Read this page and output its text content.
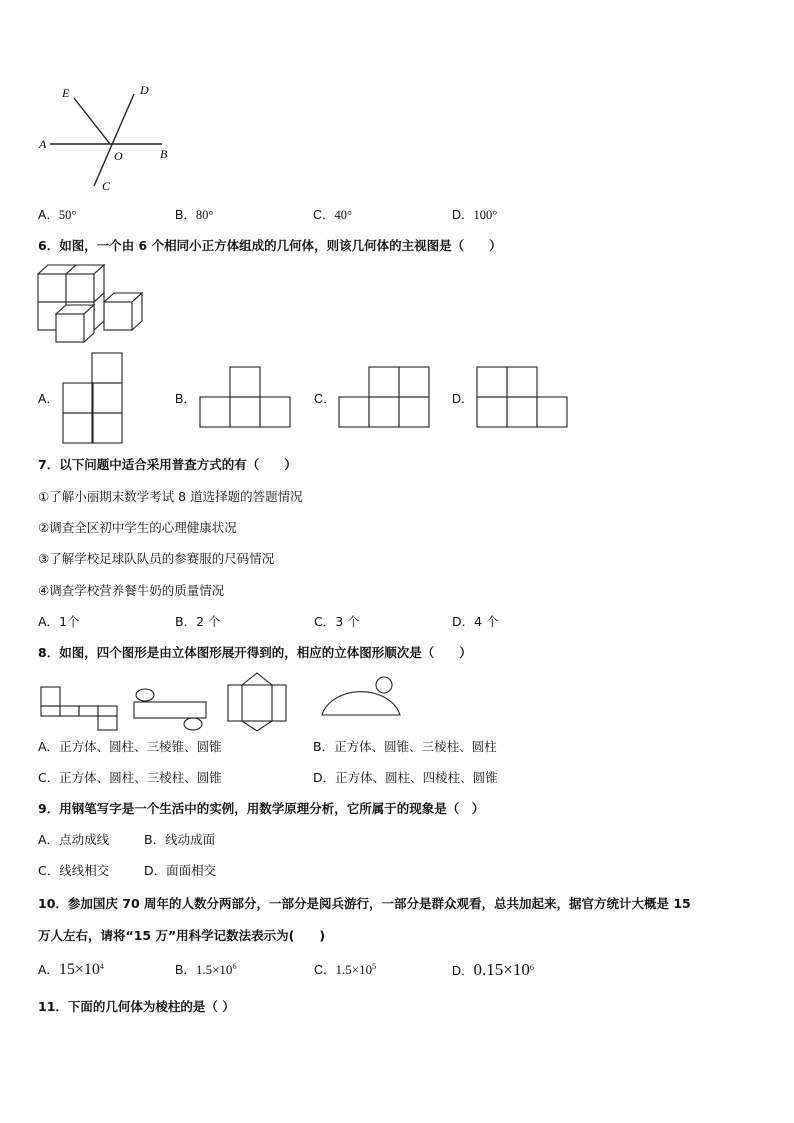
E	D
A
O	B
C
A．50°	B．80°	C．40°	D．100°
6．如图，一个由 6 个相同小正方体组成的几何体，则该几何体的主视图是（　　）
A．	B．	C．	D．
7．以下问题中适合采用普查方式的有（　　）
①了解小丽期末数学考试 8 道选择题的答题情况
②调查全区初中学生的心理健康状况
③了解学校足球队队员的参赛服的尺码情况
④调查学校营养餐牛奶的质量情况
A．1个	B．2 个	C．3 个	D．4 个
8．如图，四个图形是由立体图形展开得到的，相应的立体图形顺次是（　　）
A．正方体、圆柱、三棱锥、圆锥	B．正方体、圆锥、三棱柱、圆柱
C．正方体、圆柱、三棱柱、圆锥	D．正方体、圆柱、四棱柱、圆锥
9．用钢笔写字是一个生活中的实例，用数学原理分析，它所属于的现象是（　）
A．点动成线	B．线动成面
C．线线相交	D．面面相交
10．参加国庆 70 周年的人数分两部分，一部分是阅兵游行，一部分是群众观看，总共加起来，据官方统计大概是 15
万人左右，请将“15 万”用科学记数法表示为(　　)
A．$15\times 10^4$	B．$1.5\times 10^6$	C．$1.5\times 10^5$	D．$0.15\times 10^6$
11．下面的几何体为棱柱的是（ ）
